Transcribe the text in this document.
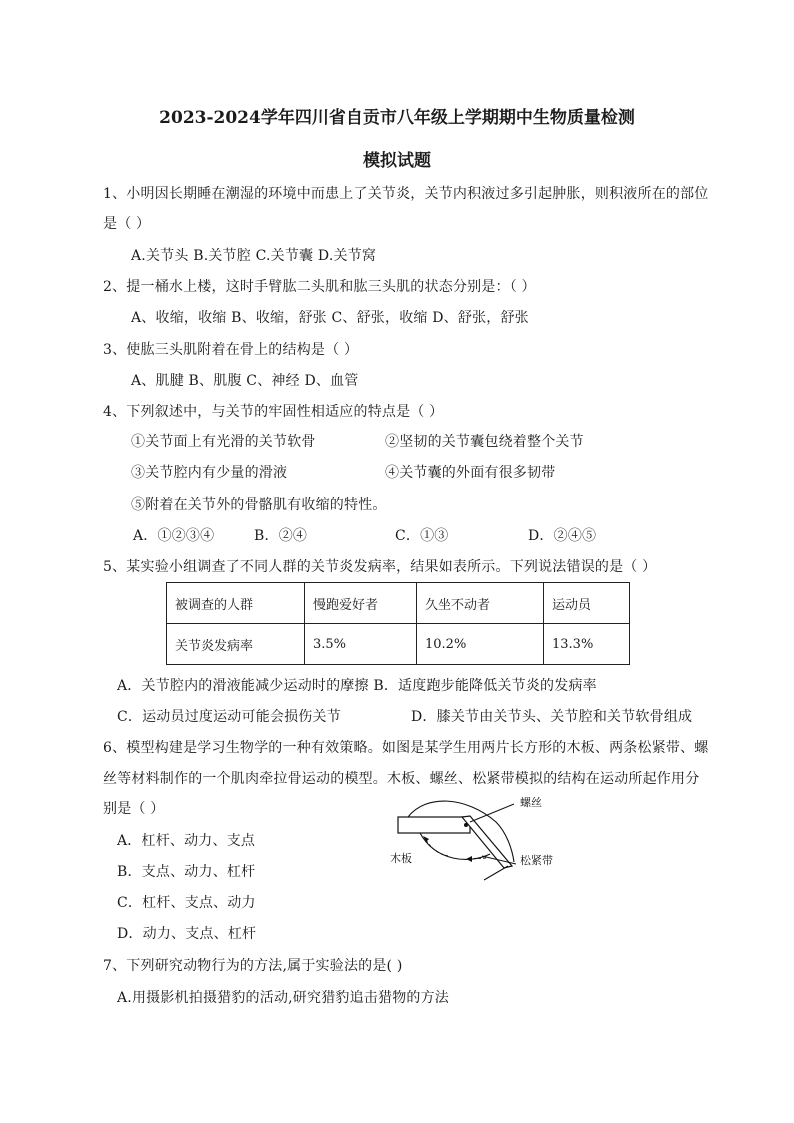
2023-2024学年四川省自贡市八年级上学期期中生物质量检测
模拟试题
1、小明因长期睡在潮湿的环境中而患上了关节炎，关节内积液过多引起肿胀，则积液所在的部位
是（ ）
A.关节头 B.关节腔 C.关节囊 D.关节窝
2、提一桶水上楼，这时手臂肱二头肌和肱三头肌的状态分别是：（ ）
A、收缩，收缩 B、收缩，舒张 C、舒张，收缩 D、舒张，舒张
3、使肱三头肌附着在骨上的结构是（ ）
A、肌腱 B、肌腹 C、神经 D、血管
4、下列叙述中，与关节的牢固性相适应的特点是（ ）
①关节面上有光滑的关节软骨	②坚韧的关节囊包绕着整个关节
③关节腔内有少量的滑液	④关节囊的外面有很多韧带
⑤附着在关节外的骨骼肌有收缩的特性。
A．①②③④	B．②④	C．①③	D．②④⑤
5、某实验小组调查了不同人群的关节炎发病率，结果如表所示。下列说法错误的是（ ）
被调查的人群	慢跑爱好者	久坐不动者	运动员
关节炎发病率	3.5%	10.2%	13.3%
A．关节腔内的滑液能减少运动时的摩擦 B．适度跑步能降低关节炎的发病率
C．运动员过度运动可能会损伤关节	D．膝关节由关节头、关节腔和关节软骨组成
6、模型构建是学习生物学的一种有效策略。如图是某学生用两片长方形的木板、两条松紧带、螺
丝等材料制作的一个肌肉牵拉骨运动的模型。木板、螺丝、松紧带模拟的结构在运动所起作用分
别是（ ）
A．杠杆、动力、支点
B．支点、动力、杠杆
C．杠杆、支点、动力
D．动力、支点、杠杆
螺丝
木板	松紧带
7、下列研究动物行为的方法,属于实验法的是( )
A.用摄影机拍摄猎豹的活动,研究猎豹追击猎物的方法
